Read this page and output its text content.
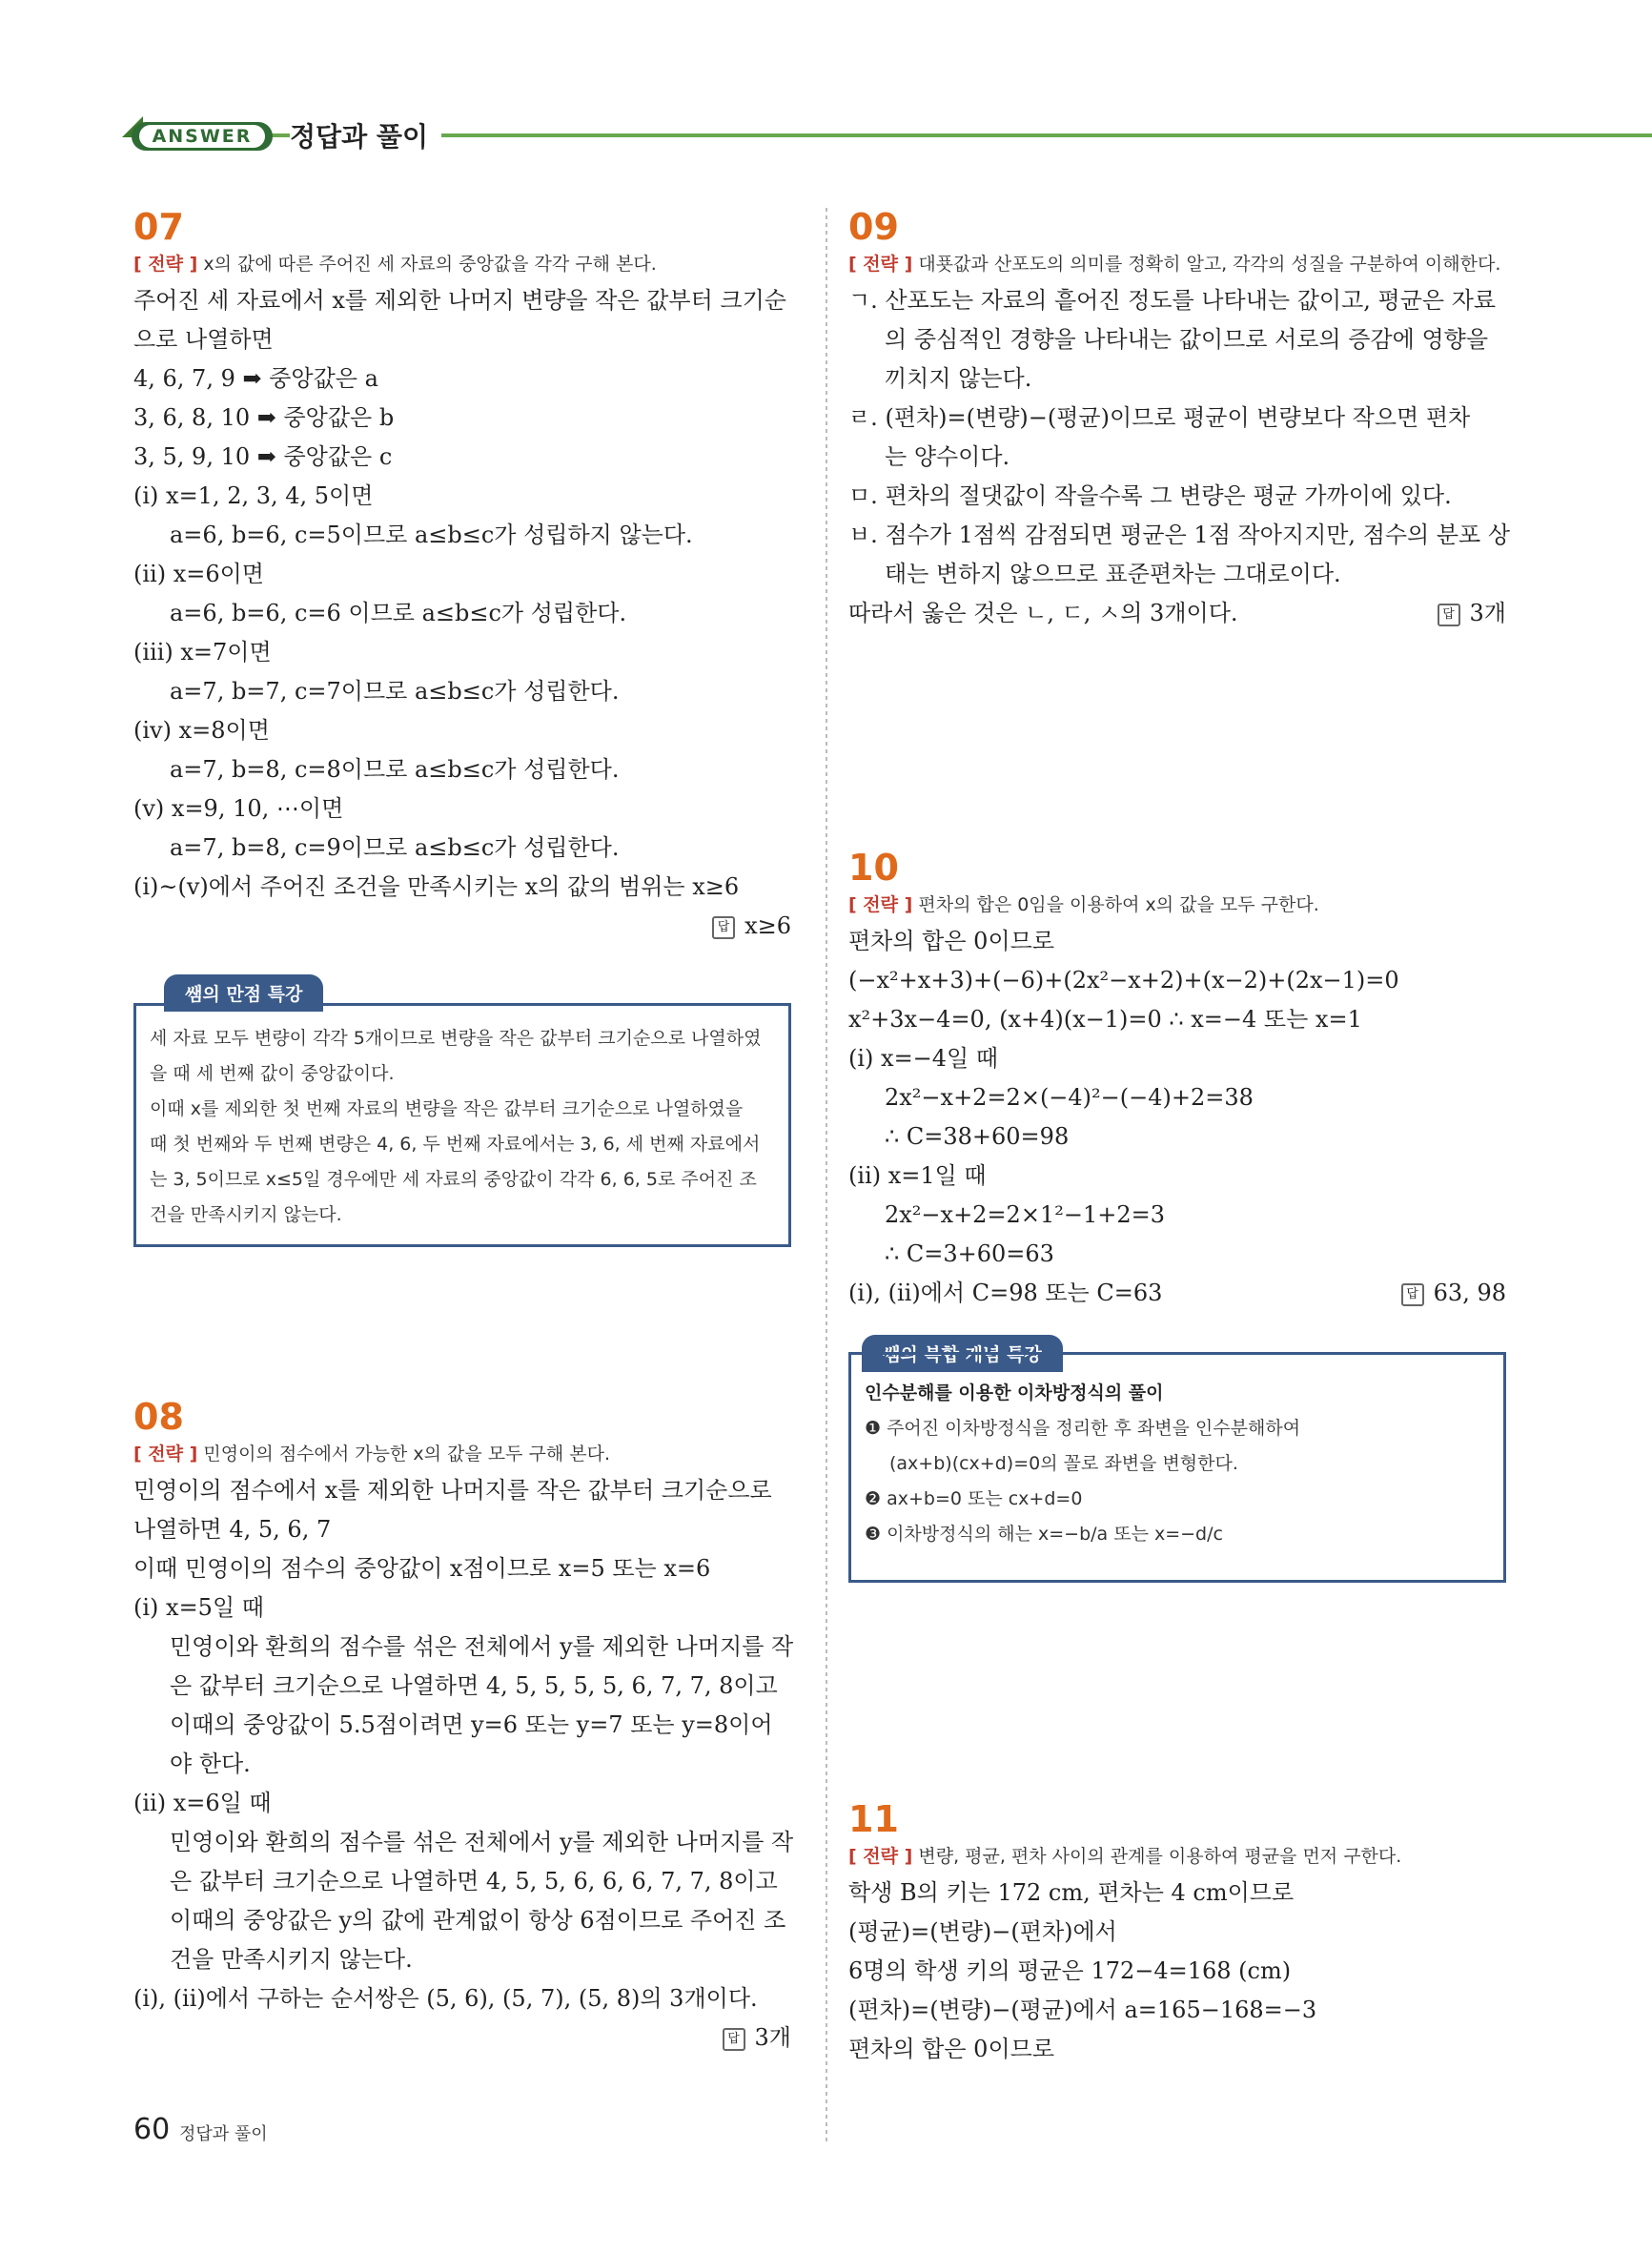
ANSWER	정답과 풀이
07
[ 전략 ] x의 값에 따른 주어진 세 자료의 중앙값을 각각 구해 본다.
주어진 세 자료에서 x를 제외한 나머지 변량을 작은 값부터 크기순
으로 나열하면
4, 6, 7, 9 ➡ 중앙값은 a
3, 6, 8, 10 ➡ 중앙값은 b
3, 5, 9, 10 ➡ 중앙값은 c
(ⅰ) x=1, 2, 3, 4, 5이면
a=6, b=6, c=5이므로 a≤b≤c가 성립하지 않는다.
(ⅱ) x=6이면
a=6, b=6, c=6 이므로 a≤b≤c가 성립한다.
(ⅲ) x=7이면
a=7, b=7, c=7이므로 a≤b≤c가 성립한다.
(ⅳ) x=8이면
a=7, b=8, c=8이므로 a≤b≤c가 성립한다.
(ⅴ) x=9, 10, ⋯이면
a=7, b=8, c=9이므로 a≤b≤c가 성립한다.
(ⅰ)~(ⅴ)에서 주어진 조건을 만족시키는 x의 값의 범위는 x≥6
답 x≥6
쌤의 만점 특강
세 자료 모두 변량이 각각 5개이므로 변량을 작은 값부터 크기순으로 나열하였
을 때 세 번째 값이 중앙값이다.
이때 x를 제외한 첫 번째 자료의 변량을 작은 값부터 크기순으로 나열하였을
때 첫 번째와 두 번째 변량은 4, 6, 두 번째 자료에서는 3, 6, 세 번째 자료에서
는 3, 5이므로 x≤5일 경우에만 세 자료의 중앙값이 각각 6, 6, 5로 주어진 조
건을 만족시키지 않는다.
08
[ 전략 ] 민영이의 점수에서 가능한 x의 값을 모두 구해 본다.
민영이의 점수에서 x를 제외한 나머지를 작은 값부터 크기순으로
나열하면 4, 5, 6, 7
이때 민영이의 점수의 중앙값이 x점이므로 x=5 또는 x=6
(ⅰ) x=5일 때
민영이와 환희의 점수를 섞은 전체에서 y를 제외한 나머지를 작
은 값부터 크기순으로 나열하면 4, 5, 5, 5, 5, 6, 7, 7, 8이고
이때의 중앙값이 5.5점이려면 y=6 또는 y=7 또는 y=8이어
야 한다.
(ⅱ) x=6일 때
민영이와 환희의 점수를 섞은 전체에서 y를 제외한 나머지를 작
은 값부터 크기순으로 나열하면 4, 5, 5, 6, 6, 6, 7, 7, 8이고
이때의 중앙값은 y의 값에 관계없이 항상 6점이므로 주어진 조
건을 만족시키지 않는다.
(ⅰ), (ⅱ)에서 구하는 순서쌍은 (5, 6), (5, 7), (5, 8)의 3개이다.
답 3개
09
[ 전략 ] 대푯값과 산포도의 의미를 정확히 알고, 각각의 성질을 구분하여 이해한다.
ㄱ. 산포도는 자료의 흩어진 정도를 나타내는 값이고, 평균은 자료
의 중심적인 경향을 나타내는 값이므로 서로의 증감에 영향을
끼치지 않는다.
ㄹ. (편차)=(변량)−(평균)이므로 평균이 변량보다 작으면 편차
는 양수이다.
ㅁ. 편차의 절댓값이 작을수록 그 변량은 평균 가까이에 있다.
ㅂ. 점수가 1점씩 감점되면 평균은 1점 작아지지만, 점수의 분포 상
태는 변하지 않으므로 표준편차는 그대로이다.
따라서 옳은 것은 ㄴ, ㄷ, ㅅ의 3개이다.	답 3개
10
[ 전략 ] 편차의 합은 0임을 이용하여 x의 값을 모두 구한다.
편차의 합은 0이므로
(−x²+x+3)+(−6)+(2x²−x+2)+(x−2)+(2x−1)=0
x²+3x−4=0, (x+4)(x−1)=0 ∴ x=−4 또는 x=1
(ⅰ) x=−4일 때
2x²−x+2=2×(−4)²−(−4)+2=38
∴ C=38+60=98
(ⅱ) x=1일 때
2x²−x+2=2×1²−1+2=3
∴ C=3+60=63
(ⅰ), (ⅱ)에서 C=98 또는 C=63	답 63, 98
쌤의 복합 개념 특강
인수분해를 이용한 이차방정식의 풀이
❶ 주어진 이차방정식을 정리한 후 좌변을 인수분해하여
(ax+b)(cx+d)=0의 꼴로 좌변을 변형한다.
❷ ax+b=0 또는 cx+d=0
❸ 이차방정식의 해는 x=−b/a 또는 x=−d/c
11
[ 전략 ] 변량, 평균, 편차 사이의 관계를 이용하여 평균을 먼저 구한다.
학생 B의 키는 172 cm, 편차는 4 cm이므로
(평균)=(변량)−(편차)에서
6명의 학생 키의 평균은 172−4=168 (cm)
(편차)=(변량)−(평균)에서 a=165−168=−3
편차의 합은 0이므로
60 정답과 풀이
